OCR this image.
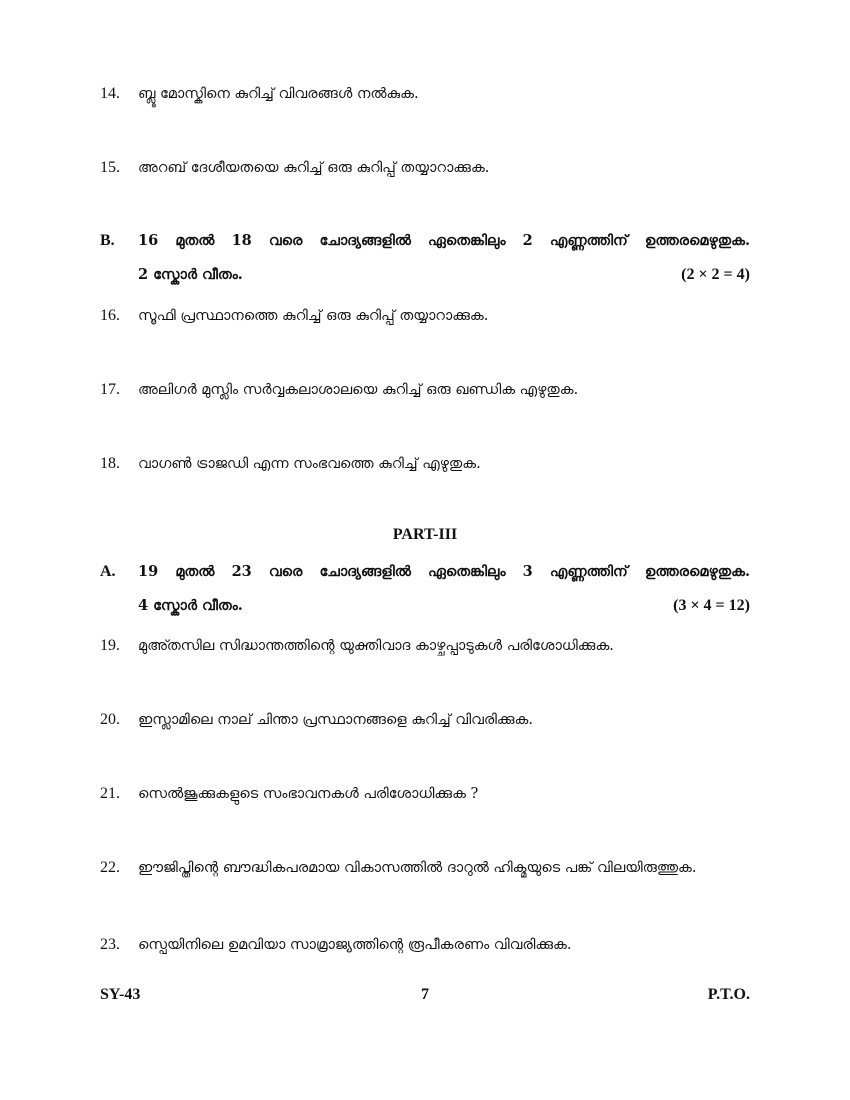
14.	ബ്ലൂ മോസ്കിനെ കുറിച്ച് വിവരങ്ങൾ നൽകുക.
15.	അറബ് ദേശീയതയെ കുറിച്ച് ഒരു കുറിപ്പ് തയ്യാറാക്കുക.
B. 16 മുതൽ 18 വരെ ചോദ്യങ്ങളിൽ ഏതെങ്കിലും 2 എണ്ണത്തിന് ഉത്തരമെഴുതുക.
2 സ്കോർ വീതം.	(2 × 2 = 4)
16.	സൂഫി പ്രസ്ഥാനത്തെ കുറിച്ച് ഒരു കുറിപ്പ് തയ്യാറാക്കുക.
17.	അലിഗർ മുസ്ലിം സർവ്വകലാശാലയെ കുറിച്ച് ഒരു ഖണ്ഡിക എഴുതുക.
18.	വാഗൺ ട്രാജഡി എന്ന സംഭവത്തെ കുറിച്ച് എഴുതുക.
PART-III
A. 19 മുതൽ 23 വരെ ചോദ്യങ്ങളിൽ ഏതെങ്കിലും 3 എണ്ണത്തിന് ഉത്തരമെഴുതുക.
4 സ്കോർ വീതം.	(3 × 4 = 12)
19.	മുഅ്തസില സിദ്ധാന്തത്തിന്റെ യുക്തിവാദ കാഴ്ചപ്പാടുകൾ പരിശോധിക്കുക.
20.	ഇസ്ലാമിലെ നാല് ചിന്താ പ്രസ്ഥാനങ്ങളെ കുറിച്ച് വിവരിക്കുക.
21.	സെൽജൂക്കുകളുടെ സംഭാവനകൾ പരിശോധിക്കുക ?
22.	ഈജിപ്തിന്റെ ബൗദ്ധികപരമായ വികാസത്തിൽ ദാറുൽ ഹിക്മയുടെ പങ്ക് വിലയിരുത്തുക.
23.	സ്പെയിനിലെ ഉമവിയാ സാമ്രാജ്യത്തിന്റെ രൂപീകരണം വിവരിക്കുക.
SY-43	7	P.T.O.
